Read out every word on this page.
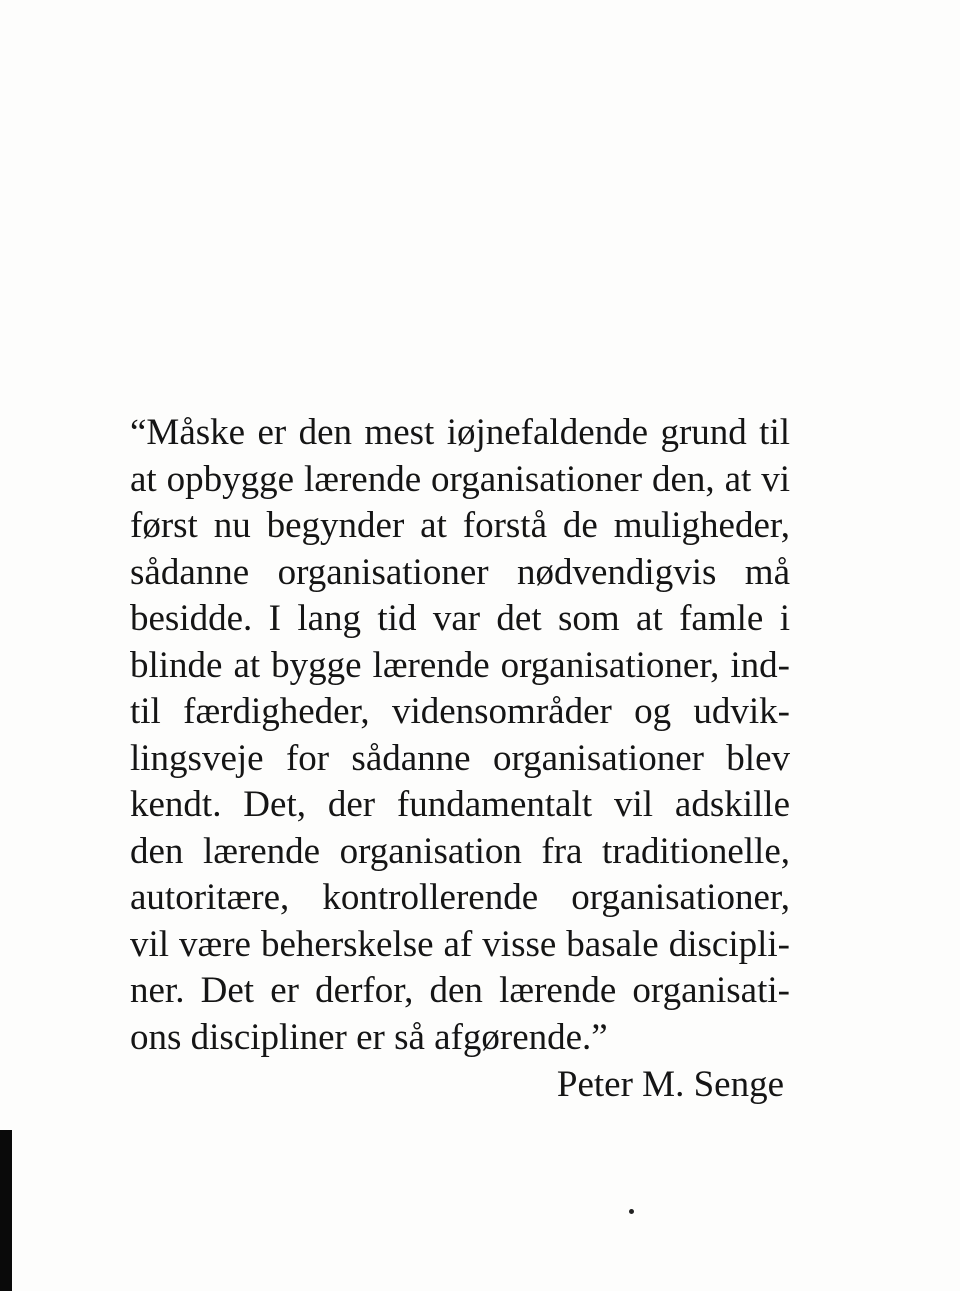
“Måske er den mest iøjnefaldende grund til
at opbygge lærende organisationer den, at vi
først nu begynder at forstå de muligheder,
sådanne organisationer nødvendigvis må
besidde. I lang tid var det som at famle i
blinde at bygge lærende organisationer, ind-
til færdigheder, vidensområder og udvik-
lingsveje for sådanne organisationer blev
kendt. Det, der fundamentalt vil adskille
den lærende organisation fra traditionelle,
autoritære, kontrollerende organisationer,
vil være beherskelse af visse basale discipli-
ner. Det er derfor, den lærende organisati-
ons discipliner er så afgørende.”
Peter M. Senge
